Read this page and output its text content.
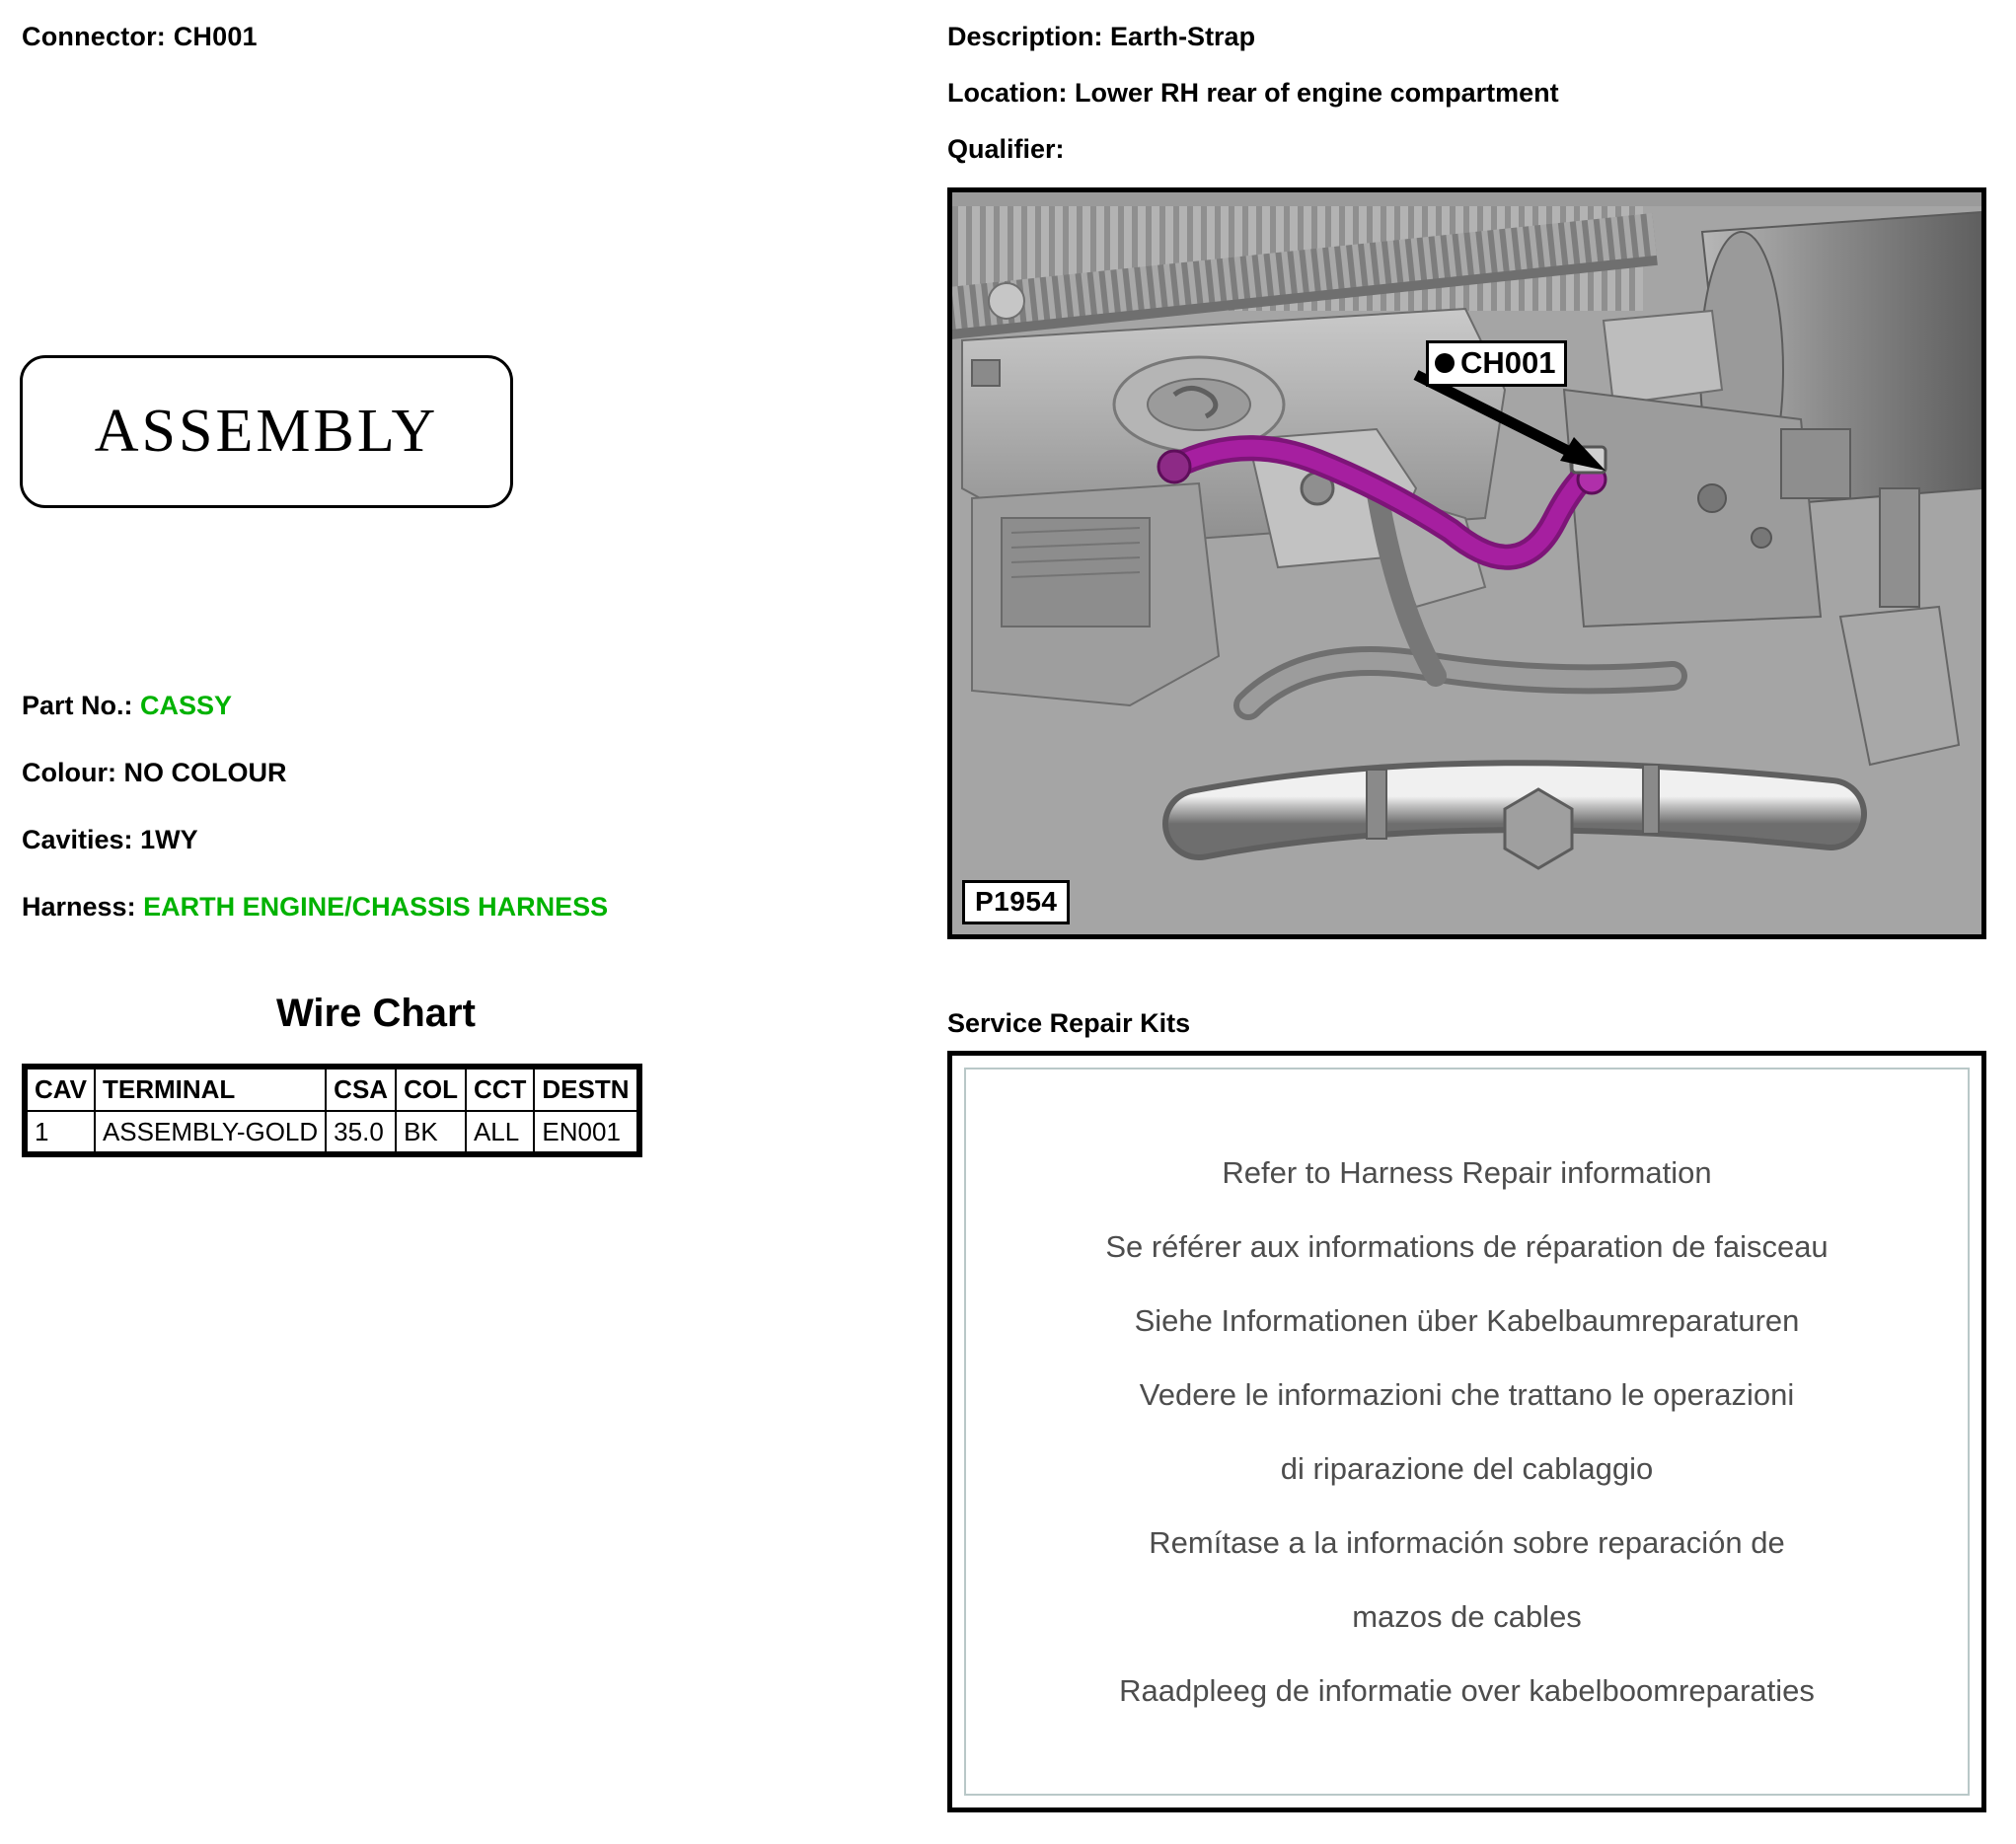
Connector: CH001
ASSEMBLY
Part No.: CASSY
Colour: NO COLOUR
Cavities: 1WY
Harness: EARTH ENGINE/CHASSIS HARNESS
Wire Chart
CAV	TERMINAL	CSA	COL	CCT	DESTN
1	ASSEMBLY-GOLD	35.0	BK	ALL	EN001
Description: Earth-Strap
Location: Lower RH rear of engine compartment
Qualifier:
CH001
P1954
Service Repair Kits
Refer to Harness Repair information
Se référer aux informations de réparation de faisceau
Siehe Informationen über Kabelbaumreparaturen
Vedere le informazioni che trattano le operazioni
di riparazione del cablaggio
Remítase a la información sobre reparación de
mazos de cables
Raadpleeg de informatie over kabelboomreparaties
